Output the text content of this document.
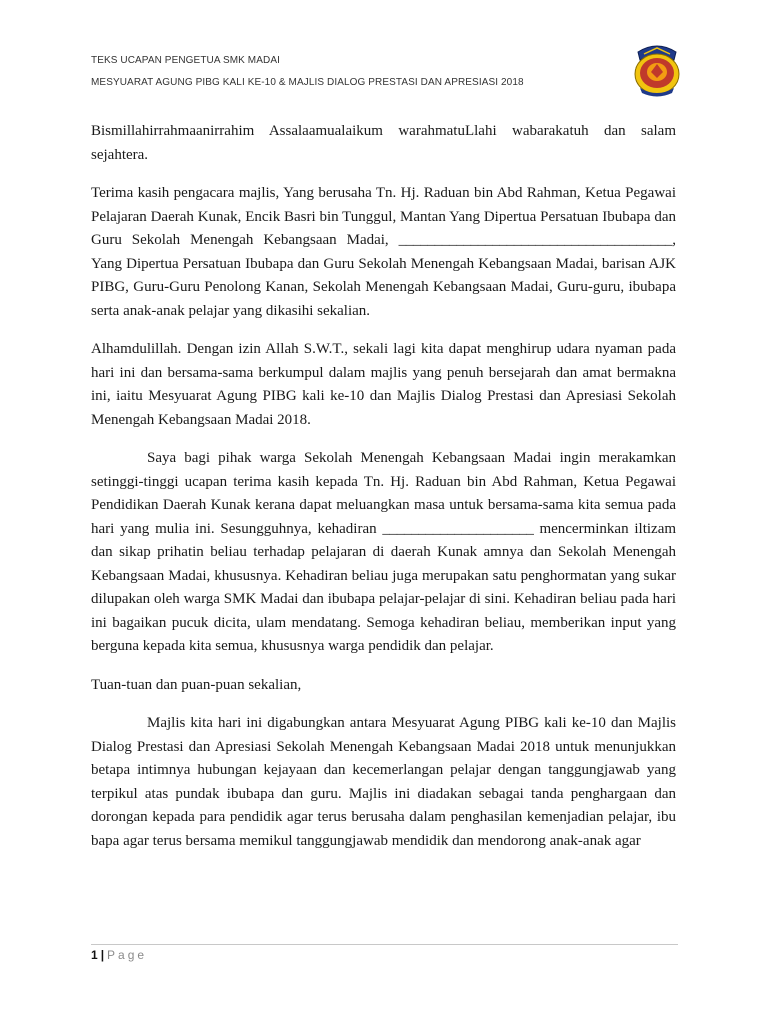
TEKS UCAPAN PENGETUA SMK MADAI
MESYUARAT AGUNG PIBG KALI KE-10 & MAJLIS DIALOG PRESTASI DAN APRESIASI 2018

Bismillahirrahmaanirrahim Assalaamualaikum warahmatuLlahi wabarakatuh dan salam sejahtera.

Terima kasih pengacara majlis, Yang berusaha Tn. Hj. Raduan bin Abd Rahman, Ketua Pegawai Pelajaran Daerah Kunak, Encik Basri bin Tunggul, Mantan Yang Dipertua Persatuan Ibubapa dan Guru Sekolah Menengah Kebangsaan Madai, ______________________________________, Yang Dipertua Persatuan Ibubapa dan Guru Sekolah Menengah Kebangsaan Madai, barisan AJK PIBG, Guru-Guru Penolong Kanan, Sekolah Menengah Kebangsaan Madai, Guru-guru, ibubapa serta anak-anak pelajar yang dikasihi sekalian.

Alhamdulillah. Dengan izin Allah S.W.T., sekali lagi kita dapat menghirup udara nyaman pada hari ini dan bersama-sama berkumpul dalam majlis yang penuh bersejarah dan amat bermakna ini, iaitu Mesyuarat Agung PIBG kali ke-10 dan Majlis Dialog Prestasi dan Apresiasi Sekolah Menengah Kebangsaan Madai 2018.

Saya bagi pihak warga Sekolah Menengah Kebangsaan Madai ingin merakamkan setinggi-tinggi ucapan terima kasih kepada Tn. Hj. Raduan bin Abd Rahman, Ketua Pegawai Pendidikan Daerah Kunak kerana dapat meluangkan masa untuk bersama-sama kita semua pada hari yang mulia ini. Sesungguhnya, kehadiran _____________________ mencerminkan iltizam dan sikap prihatin beliau terhadap pelajaran di daerah Kunak amnya dan Sekolah Menengah Kebangsaan Madai, khususnya. Kehadiran beliau juga merupakan satu penghormatan yang sukar dilupakan oleh warga SMK Madai dan ibubapa pelajar-pelajar di sini. Kehadiran beliau pada hari ini bagaikan pucuk dicita, ulam mendatang. Semoga kehadiran beliau, memberikan input yang berguna kepada kita semua, khususnya warga pendidik dan pelajar.

Tuan-tuan dan puan-puan sekalian,

Majlis kita hari ini digabungkan antara Mesyuarat Agung PIBG kali ke-10 dan Majlis Dialog Prestasi dan Apresiasi Sekolah Menengah Kebangsaan Madai 2018 untuk menunjukkan betapa intimnya hubungan kejayaan dan kecemerlangan pelajar dengan tanggungjawab yang terpikul atas pundak ibubapa dan guru. Majlis ini diadakan sebagai tanda penghargaan dan dorongan kepada para pendidik agar terus berusaha dalam penghasilan kemenjadian pelajar, ibu bapa agar terus bersama memikul tanggungjawab mendidik dan mendorong anak-anak agar

1 | Page
